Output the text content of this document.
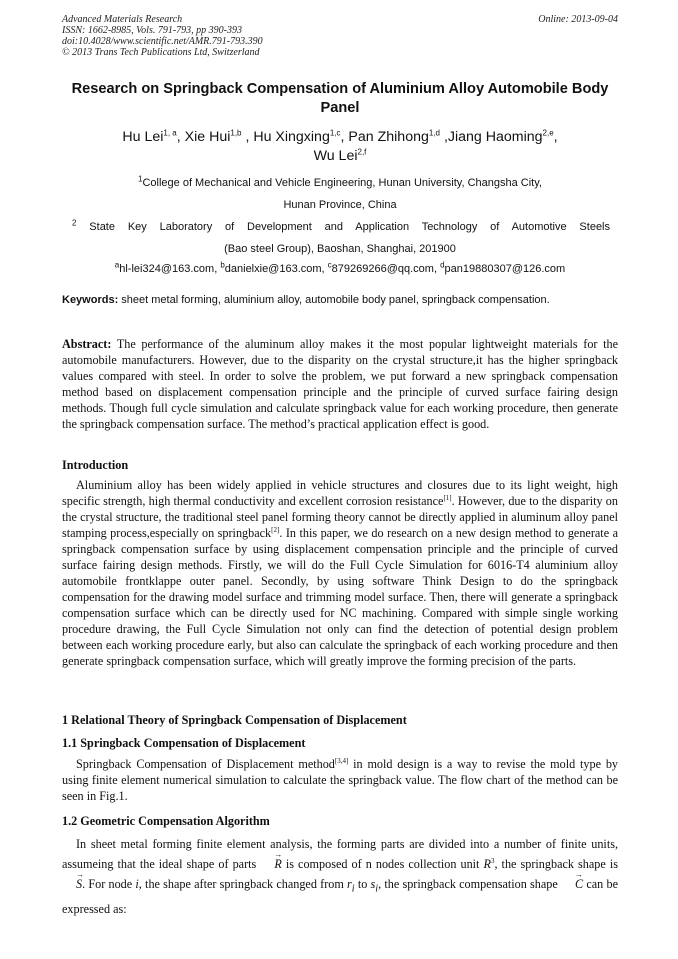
Advanced Materials Research
ISSN: 1662-8985, Vols. 791-793, pp 390-393
doi:10.4028/www.scientific.net/AMR.791-793.390
© 2013 Trans Tech Publications Ltd, Switzerland
Online: 2013-09-04
Research on Springback Compensation of Aluminium Alloy Automobile Body Panel
Hu Lei$^{1, a}$, Xie Hui$^{1,b}$ , Hu Xingxing$^{1,c}$, Pan Zhihong$^{1,d}$ ,Jiang Haoming$^{2,e}$,
Wu Lei$^{2,f}$
$^1$College of Mechanical and Vehicle Engineering, Hunan University, Changsha City,
Hunan Province, China
$^2$ State Key Laboratory of Development and Application Technology of Automotive Steels
(Bao steel Group), Baoshan, Shanghai, 201900
$^a$hl-lei324@163.com, $^b$danielxie@163.com, $^c$879269266@qq.com, $^d$pan19880307@126.com
Keywords: sheet metal forming, aluminium alloy, automobile body panel, springback compensation.

Abstract: The performance of the aluminum alloy makes it the most popular lightweight materials for the automobile manufacturers. However, due to the disparity on the crystal structure,it has the higher springback values compared with steel. In order to solve the problem, we put forward a new springback compensation method based on displacement compensation principle and the principle of curved surface fairing design methods. Though full cycle simulation and calculate springback value for each working procedure, then generate the springback compensation surface. The method’s practical application effect is good.

Introduction

Aluminium alloy has been widely applied in vehicle structures and closures due to its light weight, high specific strength, high thermal conductivity and excellent corrosion resistance[1]. However, due to the disparity on the crystal structure, the traditional steel panel forming theory cannot be directly applied in aluminum alloy panel stamping process,especially on springback[2]. In this paper, we do research on a new design method to generate a springback compensation surface by using displacement compensation principle and the principle of curved surface fairing design methods. Firstly, we will do the Full Cycle Simulation for 6016-T4 aluminium alloy automobile frontklappe outer panel. Secondly, by using software Think Design to do the springback compensation for the drawing model surface and trimming model surface. Then, there will generate a springback compensation surface which can be directly used for NC machining. Compared with simple single working procedure drawing, the Full Cycle Simulation not only can find the detection of potential design problem between each working procedure early, but also can calculate the springback of each working procedure and then generate springback compensation surface, which will greatly improve the forming precision of the parts.

1 Relational Theory of Springback Compensation of Displacement
1.1 Springback Compensation of Displacement

Springback Compensation of Displacement method[3,4] in mold design is a way to revise the mold type by using finite element numerical simulation to calculate the springback value. The flow chart of the method can be seen in Fig.1.

1.2 Geometric Compensation Algorithm

In sheet metal forming finite element analysis, the forming parts are divided into a number of finite units, assumeing that the ideal shape of parts → R is composed of n nodes collection unit $R^3$, the springback shape is → S. For node i, the shape after springback changed from $r_i$ to $s_i$, the springback compensation shape → C can be expressed as:
